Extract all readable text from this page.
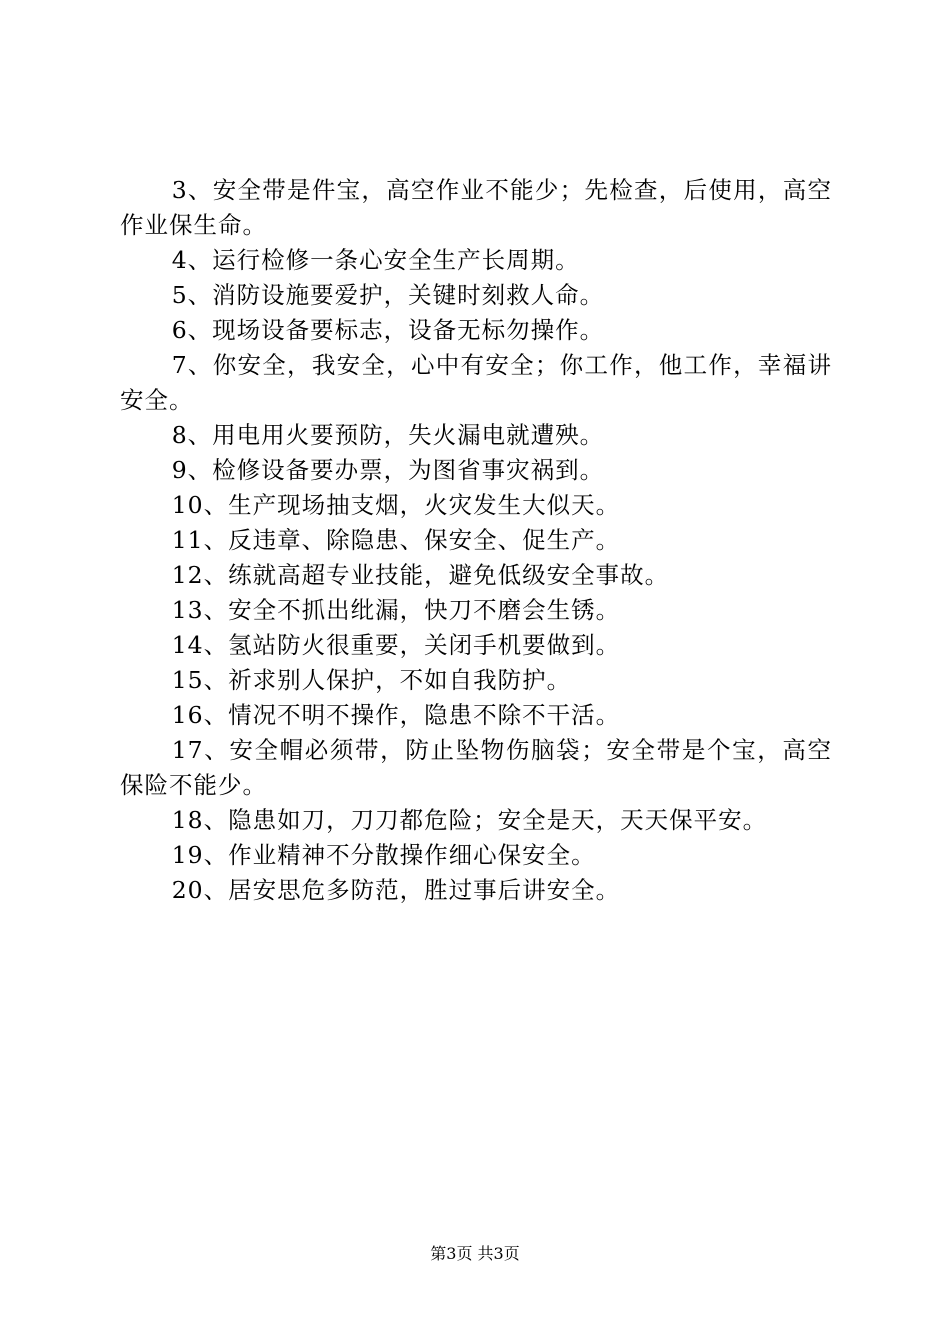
3、安全带是件宝，高空作业不能少；先检查，后使用，高空作业保生命。

4、运行检修一条心安全生产长周期。

5、消防设施要爱护，关键时刻救人命。

6、现场设备要标志，设备无标勿操作。

7、你安全，我安全，心中有安全；你工作，他工作，幸福讲安全。

8、用电用火要预防，失火漏电就遭殃。

9、检修设备要办票，为图省事灾祸到。

10、生产现场抽支烟，火灾发生大似天。

11、反违章、除隐患、保安全、促生产。

12、练就高超专业技能，避免低级安全事故。

13、安全不抓出纰漏，快刀不磨会生锈。

14、氢站防火很重要，关闭手机要做到。

15、祈求别人保护，不如自我防护。

16、情况不明不操作，隐患不除不干活。

17、安全帽必须带，防止坠物伤脑袋；安全带是个宝，高空保险不能少。

18、隐患如刀，刀刀都危险；安全是天，天天保平安。

19、作业精神不分散操作细心保安全。

20、居安思危多防范，胜过事后讲安全。

第3页 共3页
